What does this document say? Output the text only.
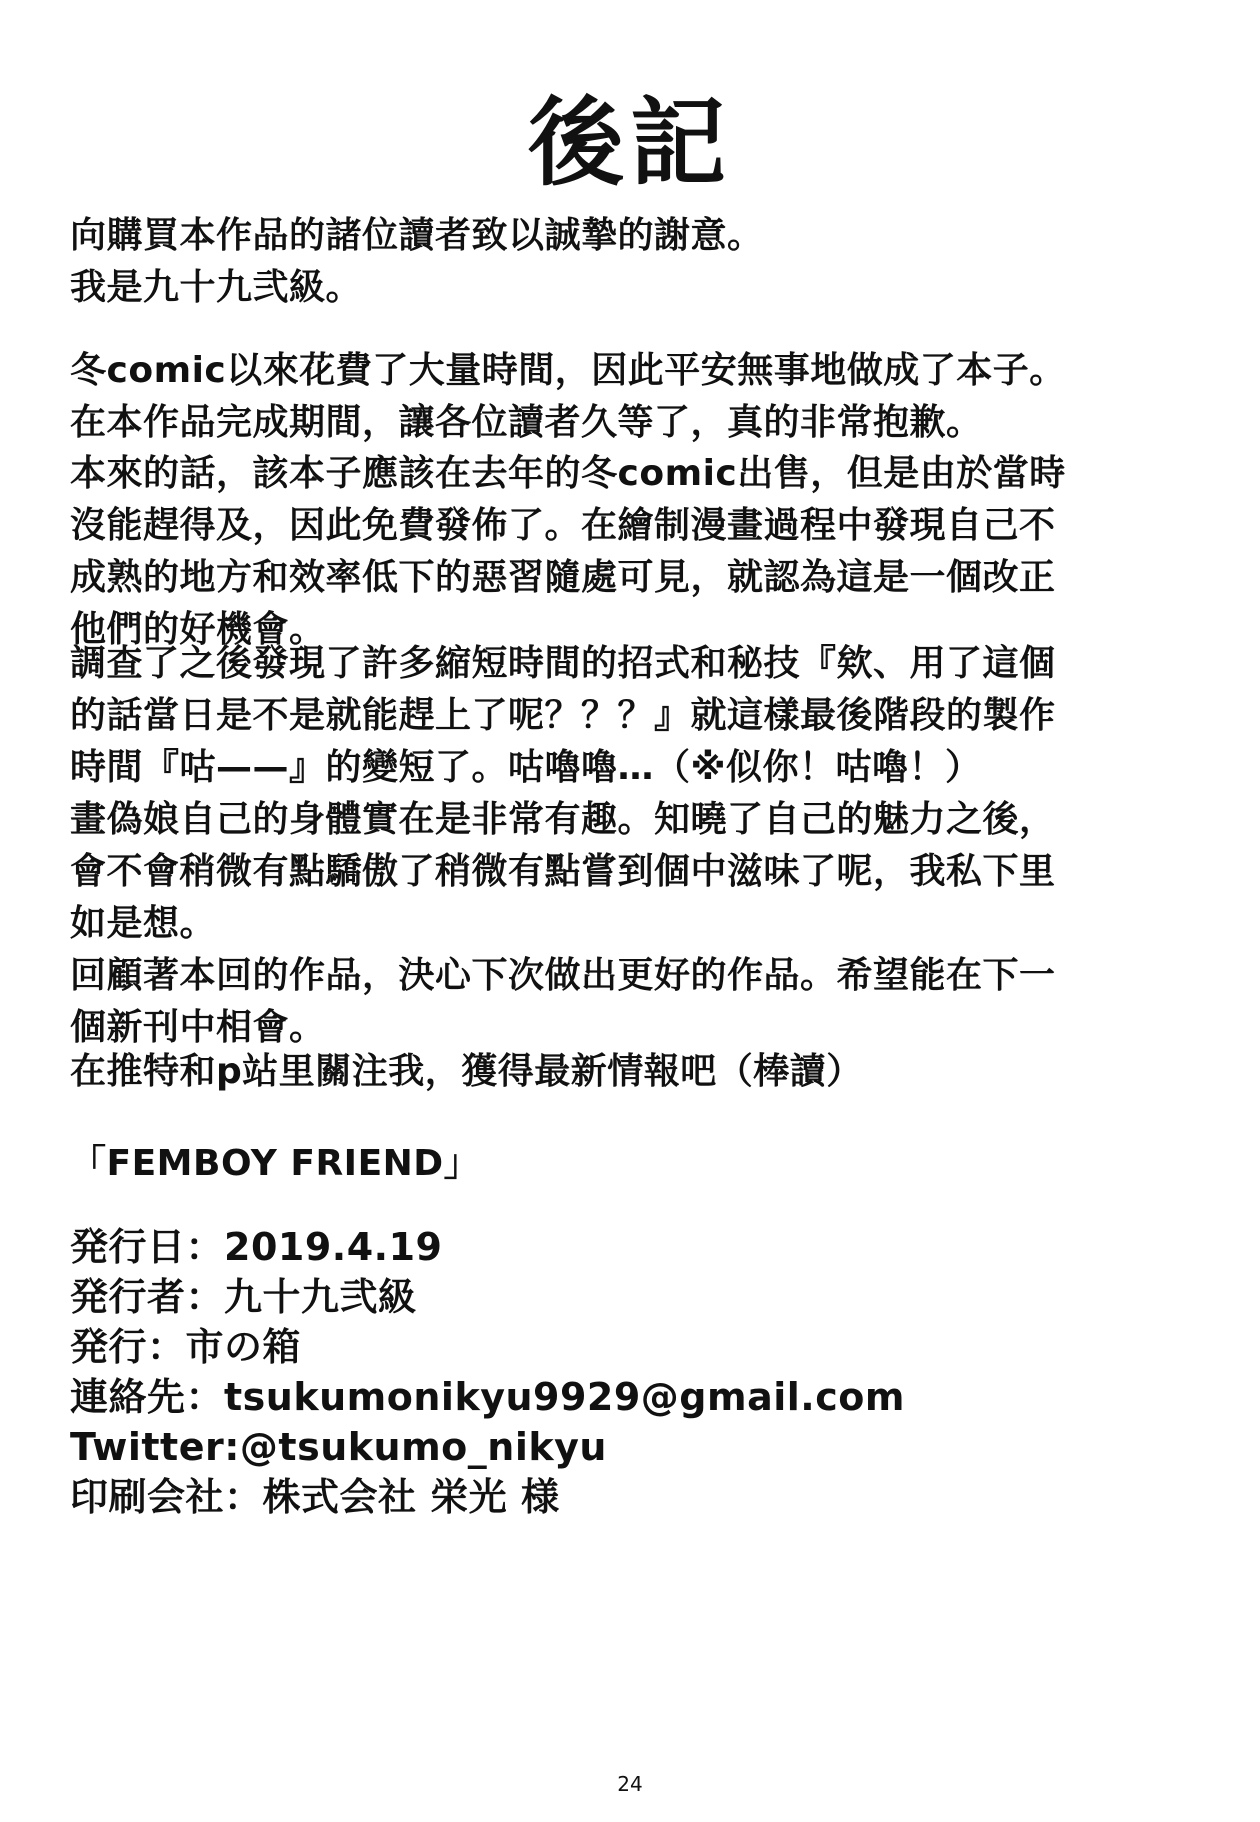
後記
向購買本作品的諸位讀者致以誠摯的謝意。
我是九十九弐級。
冬comic以來花費了大量時間，因此平安無事地做成了本子。
在本作品完成期間，讓各位讀者久等了，真的非常抱歉。
本來的話，該本子應該在去年的冬comic出售，但是由於當時
沒能趕得及，因此免費發佈了。在繪制漫畫過程中發現自己不
成熟的地方和效率低下的惡習隨處可見，就認為這是一個改正
他們的好機會。
調查了之後發現了許多縮短時間的招式和秘技『欸、用了這個
的話當日是不是就能趕上了呢？？？』就這樣最後階段的製作
時間『咕——』的變短了。咕嚕嚕…（※似你！咕嚕！）
畫偽娘自己的身體實在是非常有趣。知曉了自己的魅力之後，
會不會稍微有點驕傲了稍微有點嘗到個中滋味了呢，我私下里
如是想。
回顧著本回的作品，決心下次做出更好的作品。希望能在下一
個新刊中相會。
在推特和p站里關注我，獲得最新情報吧（棒讀）
「FEMBOY FRIEND」
発行日：2019.4.19
発行者：九十九弐級
発行：市の箱
連絡先：tsukumonikyu9929@gmail.com
Twitter:@tsukumo_nikyu
印刷会社：株式会社 栄光 様
24
